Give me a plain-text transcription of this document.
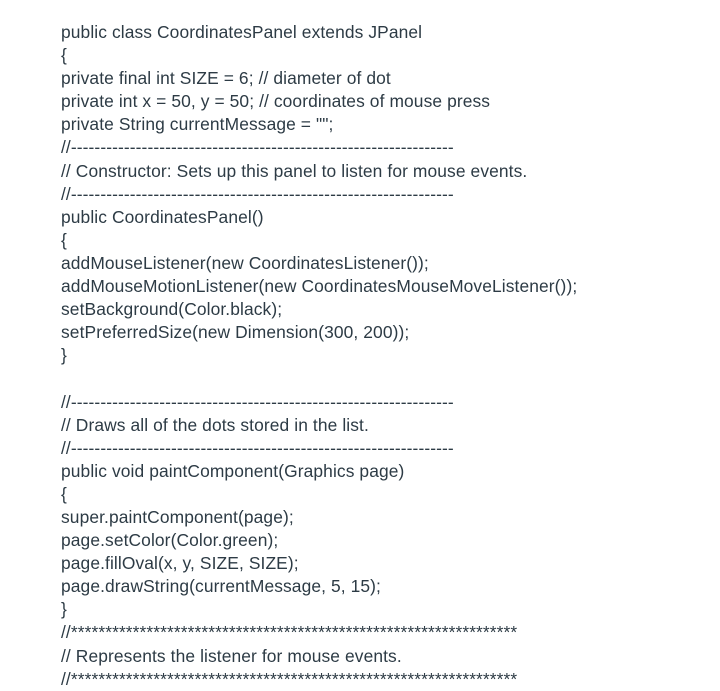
public class CoordinatesPanel extends JPanel
{
private final int SIZE = 6; // diameter of dot
private int x = 50, y = 50; // coordinates of mouse press
private String currentMessage = "";
//-----------------------------------------------------------------
// Constructor: Sets up this panel to listen for mouse events.
//-----------------------------------------------------------------
public CoordinatesPanel()
{
addMouseListener(new CoordinatesListener());
addMouseMotionListener(new CoordinatesMouseMoveListener());
setBackground(Color.black);
setPreferredSize(new Dimension(300, 200));
}
//-----------------------------------------------------------------
// Draws all of the dots stored in the list.
//-----------------------------------------------------------------
public void paintComponent(Graphics page)
{
super.paintComponent(page);
page.setColor(Color.green);
page.fillOval(x, y, SIZE, SIZE);
page.drawString(currentMessage, 5, 15);
}
//*****************************************************************
// Represents the listener for mouse events.
//*****************************************************************
